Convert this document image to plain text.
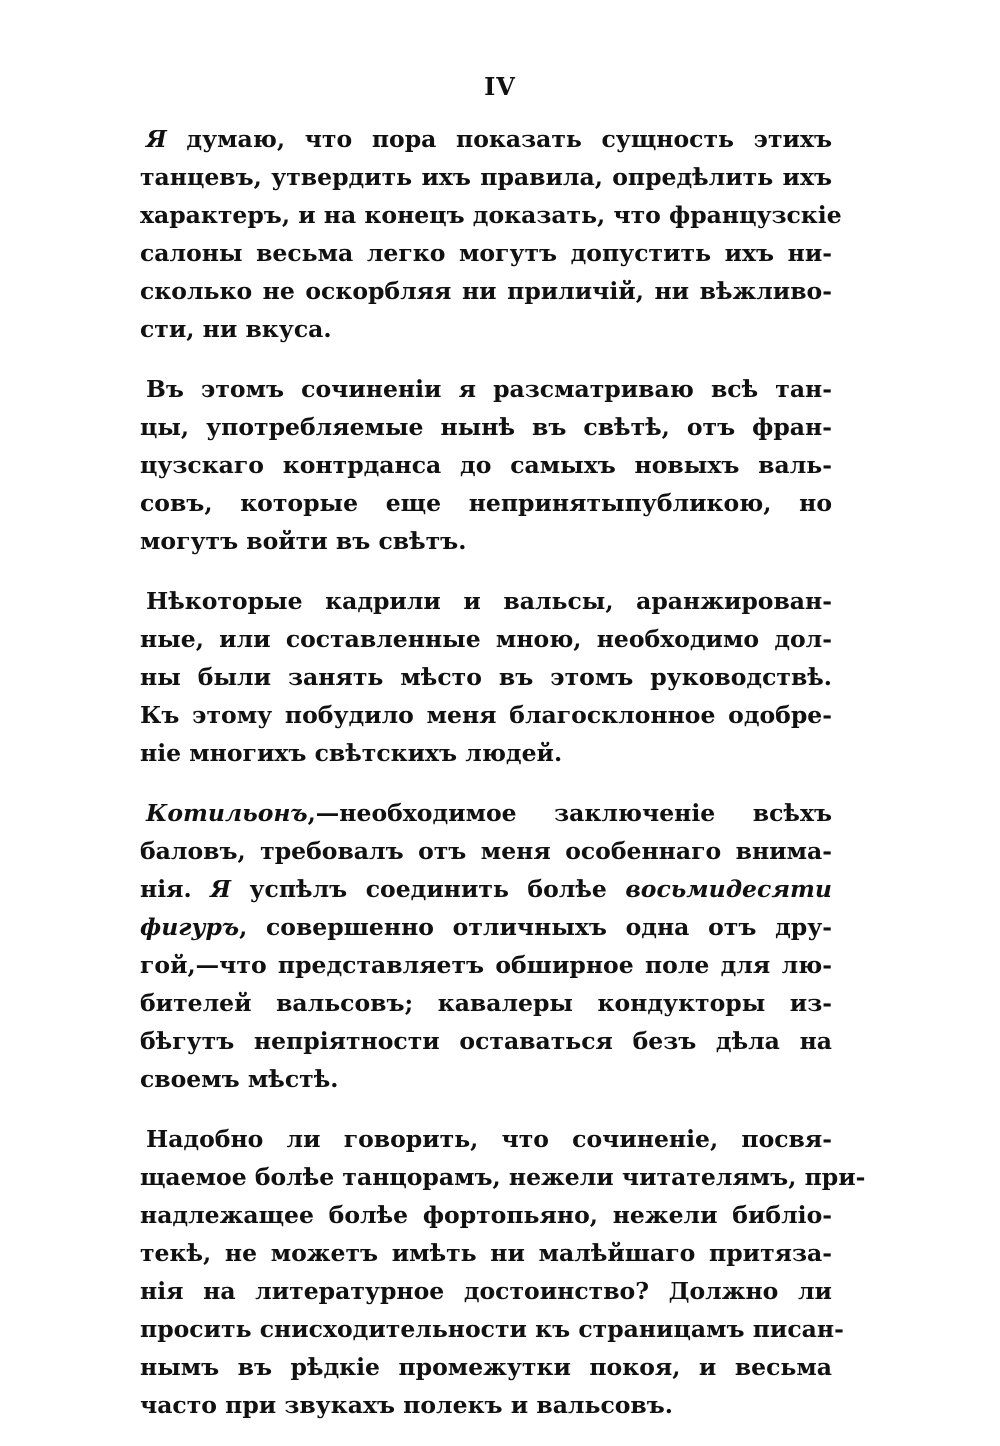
IV
Я думаю, что пора показать сущность этихъ
танцевъ, утвердить ихъ правила, опредѣлить ихъ
характеръ, и на конецъ доказать, что французскіе
салоны весьма легко могутъ допустить ихъ ни-
сколько не оскорбляя ни приличій, ни вѣжливо-
сти, ни вкуса.
Въ этомъ сочиненіи я разсматриваю всѣ тан-
цы, употребляемые нынѣ въ свѣтѣ, отъ фран-
цузскаго контрданса до самыхъ новыхъ валь-
совъ, которые еще непринятыпубликою, но
могутъ войти въ свѣтъ.
Нѣкоторые кадрили и вальсы, аранжирован-
ные, или составленные мною, необходимо дол-
ны были занять мѣсто въ этомъ руководствѣ.
Къ этому побудило меня благосклонное одобре-
ніе многихъ свѣтскихъ людей.
Котильонъ,—необходимое заключеніе всѣхъ
баловъ, требовалъ отъ меня особеннаго внима-
нія. Я успѣлъ соединить болѣе восьмидесяти
фигуръ, совершенно отличныхъ одна отъ дру-
гой,—что представляетъ обширное поле для лю-
бителей вальсовъ; кавалеры кондукторы из-
бѣгутъ непріятности оставаться безъ дѣла на
своемъ мѣстѣ.
Надобно ли говорить, что сочиненіе, посвя-
щаемое болѣе танцорамъ, нежели читателямъ, при-
надлежащее болѣе фортопьяно, нежели библіо-
текѣ, не можетъ имѣть ни малѣйшаго притяза-
нія на литературное достоинство? Должно ли
просить снисходительности къ страницамъ писан-
нымъ въ рѣдкіе промежутки покоя, и весьма
часто при звукахъ полекъ и вальсовъ.
